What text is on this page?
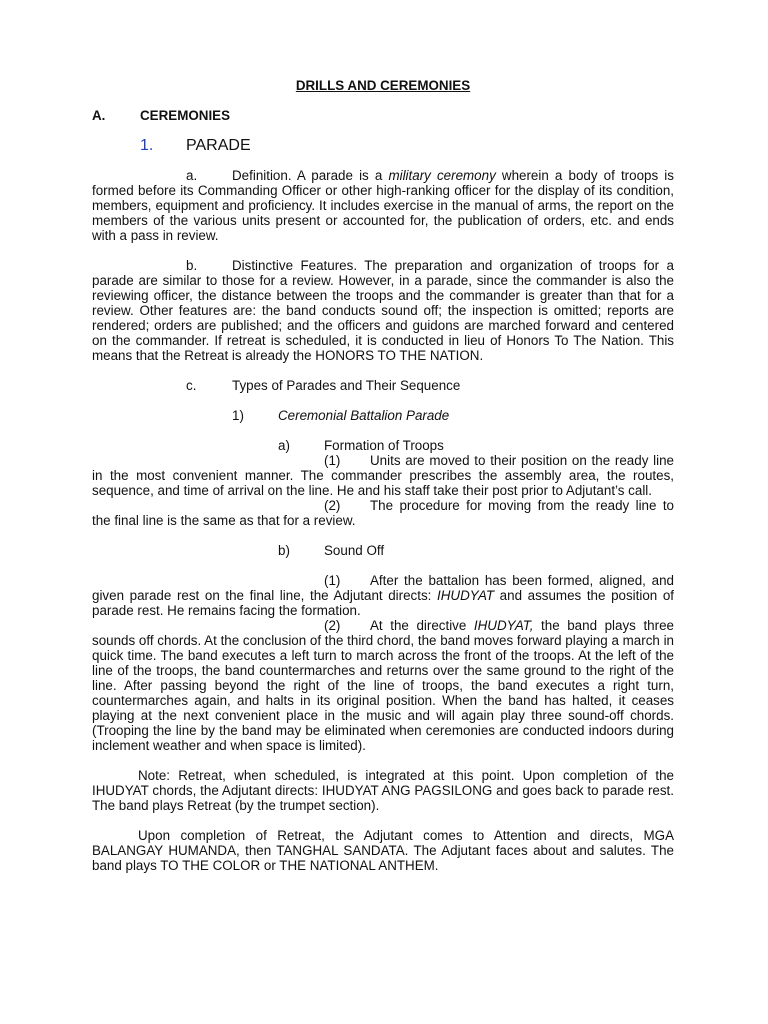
DRILLS AND CEREMONIES
A.	CEREMONIES
1.	PARADE

a.	Definition. A parade is a military ceremony wherein a body of troops is formed before its Commanding Officer or other high-ranking officer for the display of its condition, members, equipment and proficiency. It includes exercise in the manual of arms, the report on the members of the various units present or accounted for, the publication of orders, etc. and ends with a pass in review.

b.	Distinctive Features. The preparation and organization of troops for a parade are similar to those for a review. However, in a parade, since the commander is also the reviewing officer, the distance between the troops and the commander is greater than that for a review. Other features are: the band conducts sound off; the inspection is omitted; reports are rendered; orders are published; and the officers and guidons are marched forward and centered on the commander. If retreat is scheduled, it is conducted in lieu of Honors To The Nation. This means that the Retreat is already the HONORS TO THE NATION.

c.	Types of Parades and Their Sequence
1)	Ceremonial Battalion Parade
a)	Formation of Troops

(1) Units are moved to their position on the ready line in the most convenient manner. The commander prescribes the assembly area, the routes, sequence, and time of arrival on the line. He and his staff take their post prior to Adjutant’s call.

(2) The procedure for moving from the ready line to the final line is the same as that for a review.

b)	Sound Off

(1) After the battalion has been formed, aligned, and given parade rest on the final line, the Adjutant directs: IHUDYAT and assumes the position of parade rest. He remains facing the formation.

(2) At the directive IHUDYAT, the band plays three sounds off chords. At the conclusion of the third chord, the band moves forward playing a march in quick time. The band executes a left turn to march across the front of the troops. At the left of the line of the troops, the band countermarches and returns over the same ground to the right of the line. After passing beyond the right of the line of troops, the band executes a right turn, countermarches again, and halts in its original position. When the band has halted, it ceases playing at the next convenient place in the music and will again play three sound-off chords. (Trooping the line by the band may be eliminated when ceremonies are conducted indoors during inclement weather and when space is limited).

Note: Retreat, when scheduled, is integrated at this point. Upon completion of the IHUDYAT chords, the Adjutant directs: IHUDYAT ANG PAGSILONG and goes back to parade rest. The band plays Retreat (by the trumpet section).

Upon completion of Retreat, the Adjutant comes to Attention and directs, MGA BALANGAY HUMANDA, then TANGHAL SANDATA. The Adjutant faces about and salutes. The band plays TO THE COLOR or THE NATIONAL ANTHEM.
